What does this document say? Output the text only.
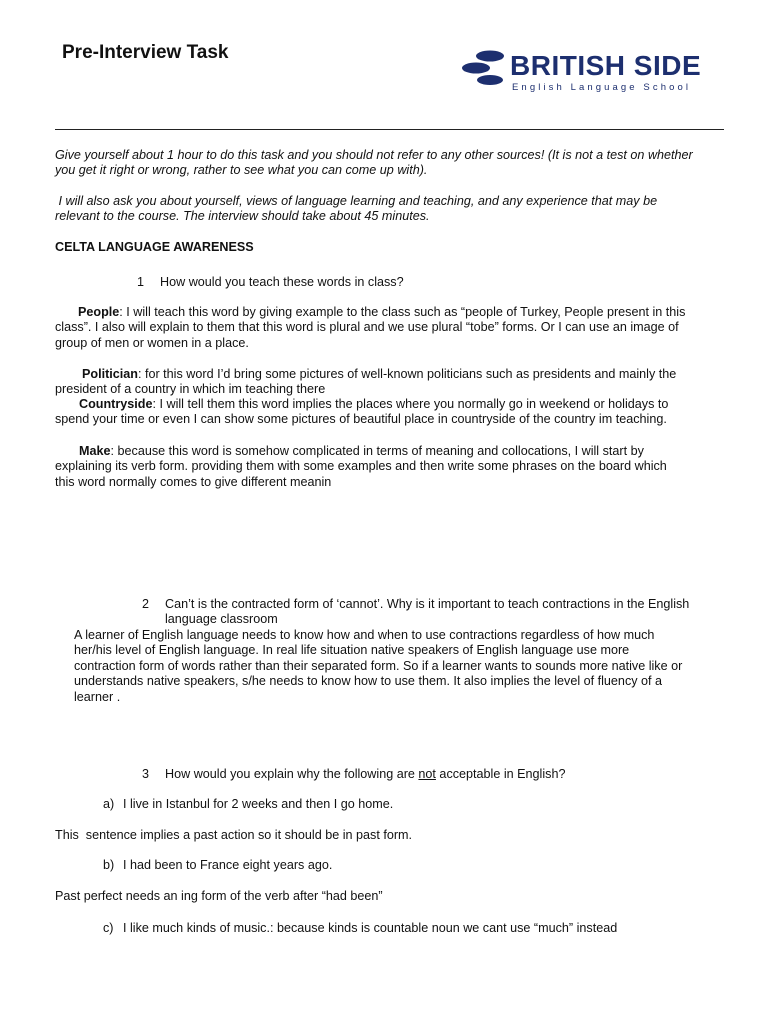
Pre-Interview Task	BRITISH SIDE
English Language School

Give yourself about 1 hour to do this task and you should not refer to any other sources! (It is not a test on whether you get it right or wrong, rather to see what you can come up with).

I will also ask you about yourself, views of language learning and teaching, and any experience that may be relevant to the course. The interview should take about 45 minutes.

CELTA LANGUAGE AWARENESS
1 How would you teach these words in class?

People: I will teach this word by giving example to the class such as “people of Turkey, People present in this class”. I also will explain to them that this word is plural and we use plural “tobe” forms. Or I can use an image of group of men or women in a place.

Politician: for this word I’d bring some pictures of well-known politicians such as presidents and mainly the president of a country in which im teaching there

Countryside: I will tell them this word implies the places where you normally go in weekend or holidays to spend your time or even I can show some pictures of beautiful place in countryside of the country im teaching.

Make: because this word is somehow complicated in terms of meaning and collocations, I will start by explaining its verb form. providing them with some examples and then write some phrases on the board which this word normally comes to give different meanin

2 Can’t is the contracted form of ‘cannot’. Why is it important to teach contractions in the English language classroom

A learner of English language needs to know how and when to use contractions regardless of how much her/his level of English language. In real life situation native speakers of English language use more contraction form of words rather than their separated form. So if a learner wants to sounds more native like or understands native speakers, s/he needs to know how to use them. It also implies the level of fluency of a learner .

3 How would you explain why the following are not acceptable in English?

a) I live in Istanbul for 2 weeks and then I go home.
This  sentence implies a past action so it should be in past form.
b) I had been to France eight years ago.
Past perfect needs an ing form of the verb after “had been”
c) I like much kinds of music.: because kinds is countable noun we cant use “much” instead
